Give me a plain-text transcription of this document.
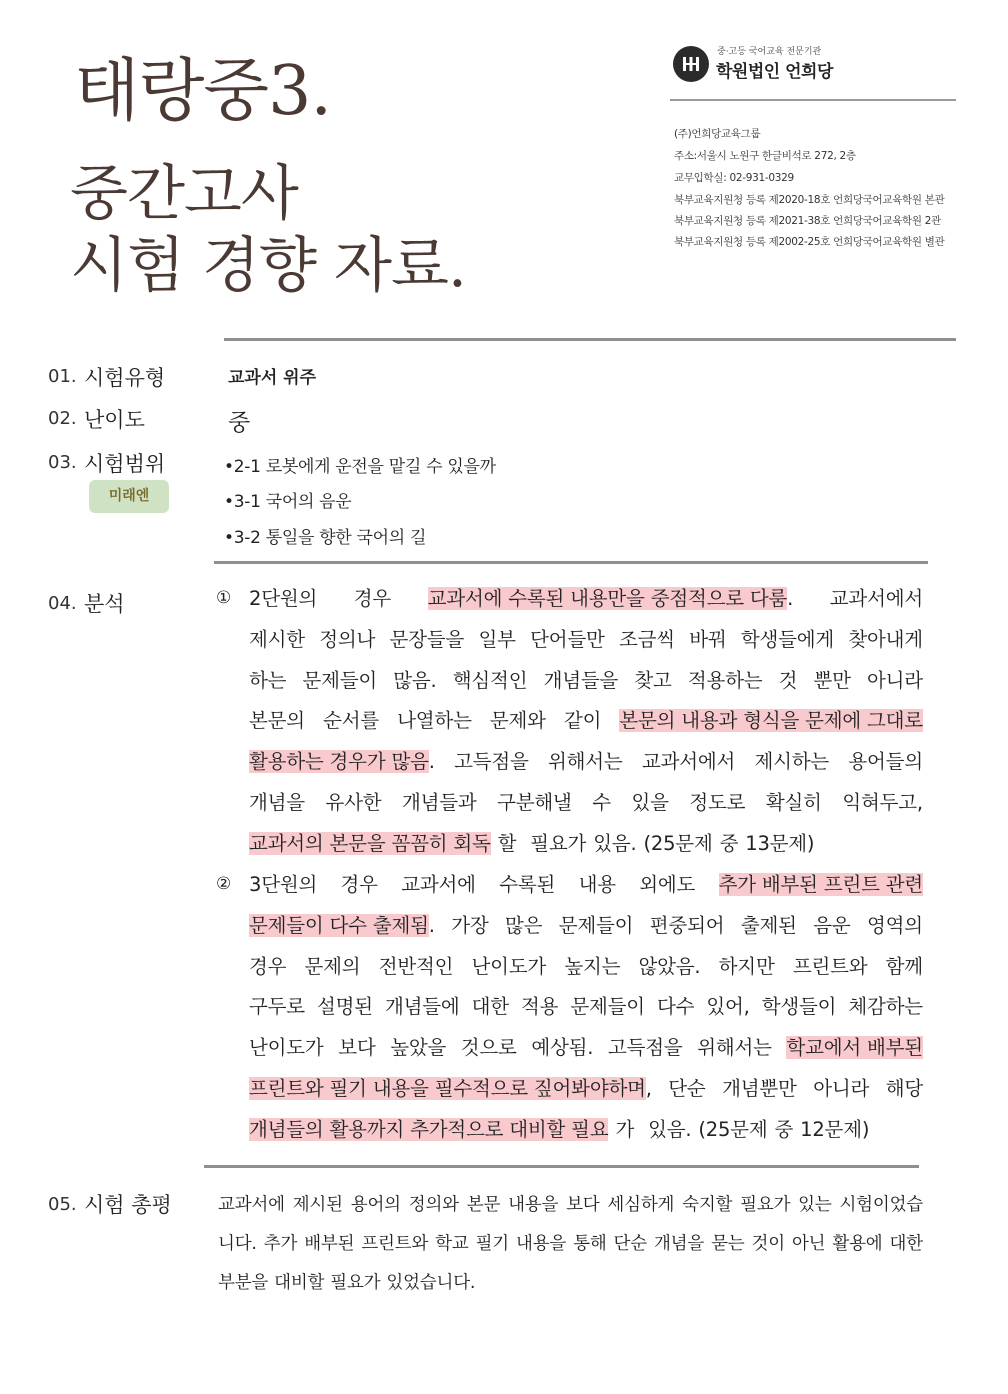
태랑중3.
중간고사
시험 경향 자료.
중·고등 국어교육 전문기관
학원법인 언희당
(주)언희당교육그룹
주소:서울시 노원구 한글비석로 272, 2층
교무입학실: 02-931-0329
북부교육지원청 등록 제2020-18호 언희당국어교육학원 본관
북부교육지원청 등록 제2021-38호 언희당국어교육학원 2관
북부교육지원청 등록 제2002-25호 언희당국어교육학원 별관
01. 시험유형	교과서 위주
02. 난이도	중
03. 시험범위
미래엔
•2-1 로봇에게 운전을 맡길 수 있을까
•3-1 국어의 음운
•3-2 통일을 향한 국어의 길
04. 분석	① 2단원의 경우 교과서에 수록된 내용만을 중점적으로 다룸. 교과서에서
제시한 정의나 문장들을 일부 단어들만 조금씩 바꿔 학생들에게 찾아내게
하는 문제들이 많음. 핵심적인 개념들을 찾고 적용하는 것 뿐만 아니라
본문의 순서를 나열하는 문제와 같이 본문의 내용과 형식을 문제에 그대로
활용하는 경우가 많음. 고득점을 위해서는 교과서에서 제시하는 용어들의
개념을 유사한 개념들과 구분해낼 수 있을 정도로 확실히 익혀두고,
교과서의 본문을 꼼꼼히 회독 할 필요가 있음. (25문제 중 13문제)
② 3단원의 경우 교과서에 수록된 내용 외에도 추가 배부된 프린트 관련
문제들이 다수 출제됨. 가장 많은 문제들이 편중되어 출제된 음운 영역의
경우 문제의 전반적인 난이도가 높지는 않았음. 하지만 프린트와 함께
구두로 설명된 개념들에 대한 적용 문제들이 다수 있어, 학생들이 체감하는
난이도가 보다 높았을 것으로 예상됨. 고득점을 위해서는 학교에서 배부된
프린트와 필기 내용을 필수적으로 짚어봐야하며, 단순 개념뿐만 아니라 해당
개념들의 활용까지 추가적으로 대비할 필요 가 있음. (25문제 중 12문제)
05. 시험 총평	교과서에 제시된 용어의 정의와 본문 내용을 보다 세심하게 숙지할 필요가 있는 시험이었습
니다. 추가 배부된 프린트와 학교 필기 내용을 통해 단순 개념을 묻는 것이 아닌 활용에 대한
부분을 대비할 필요가 있었습니다.
